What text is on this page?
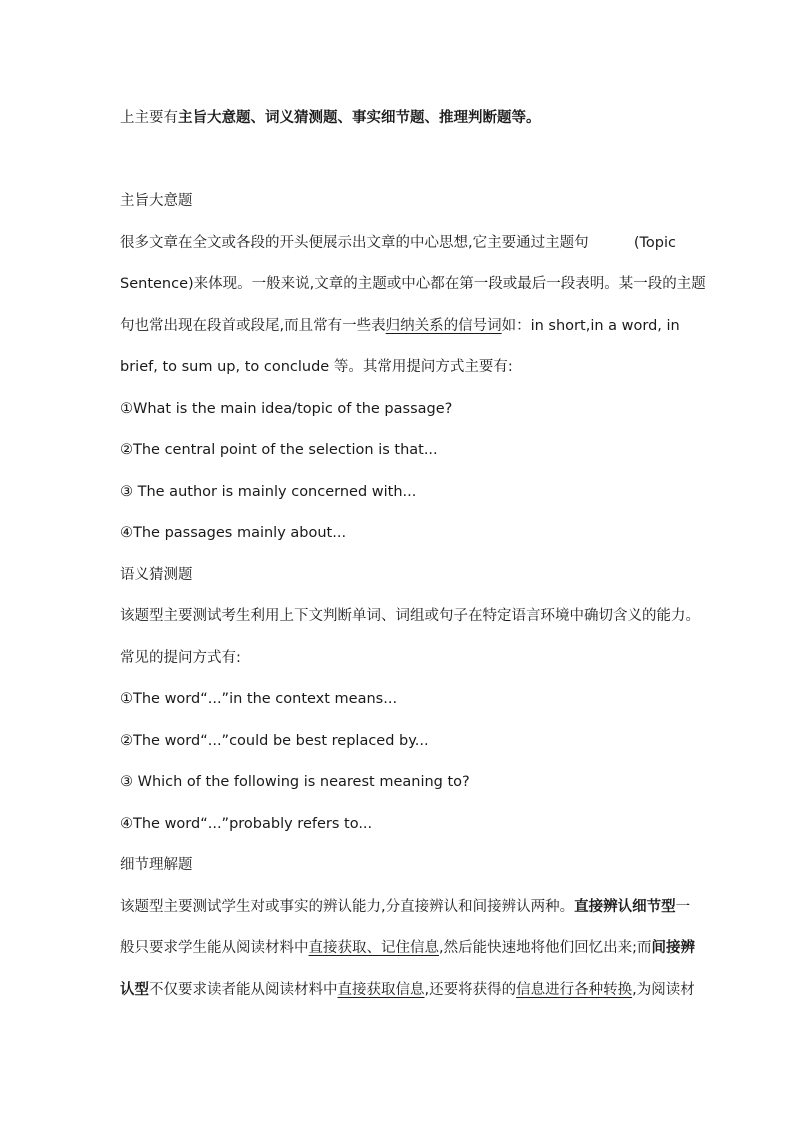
上主要有主旨大意题、词义猜测题、事实细节题、推理判断题等。
主旨大意题
很多文章在全文或各段的开头便展示出文章的中心思想,它主要通过主题句	(Topic
Sentence)来体现。一般来说,文章的主题或中心都在第一段或最后一段表明。某一段的主题
句也常出现在段首或段尾,而且常有一些表归纳关系的信号词如：in short, in a word, in
brief, to sum up, to conclude 等。其常用提问方式主要有:
①What is the main idea/topic of the passage?
②The central point of the selection is that...
③ The author is mainly concerned with...
④The passages mainly about...
语义猜测题
该题型主要测试考生利用上下文判断单词、词组或句子在特定语言环境中确切含义的能力。
常见的提问方式有:
①The word“...”in the context means...
②The word“...”could be best replaced by...
③ Which of the following is nearest meaning to?
④The word“...”probably refers to...
细节理解题
该题型主要测试学生对或事实的辨认能力,分直接辨认和间接辨认两种。 直接辨认细节型一
般只要求学生能从阅读材料中直接获取、记住信息,然后能快速地将他们回忆出来;而间接辨
认型不仅要求读者能从阅读材料中直接获取信息,还要将获得的信息进行各种转换,为阅读材
